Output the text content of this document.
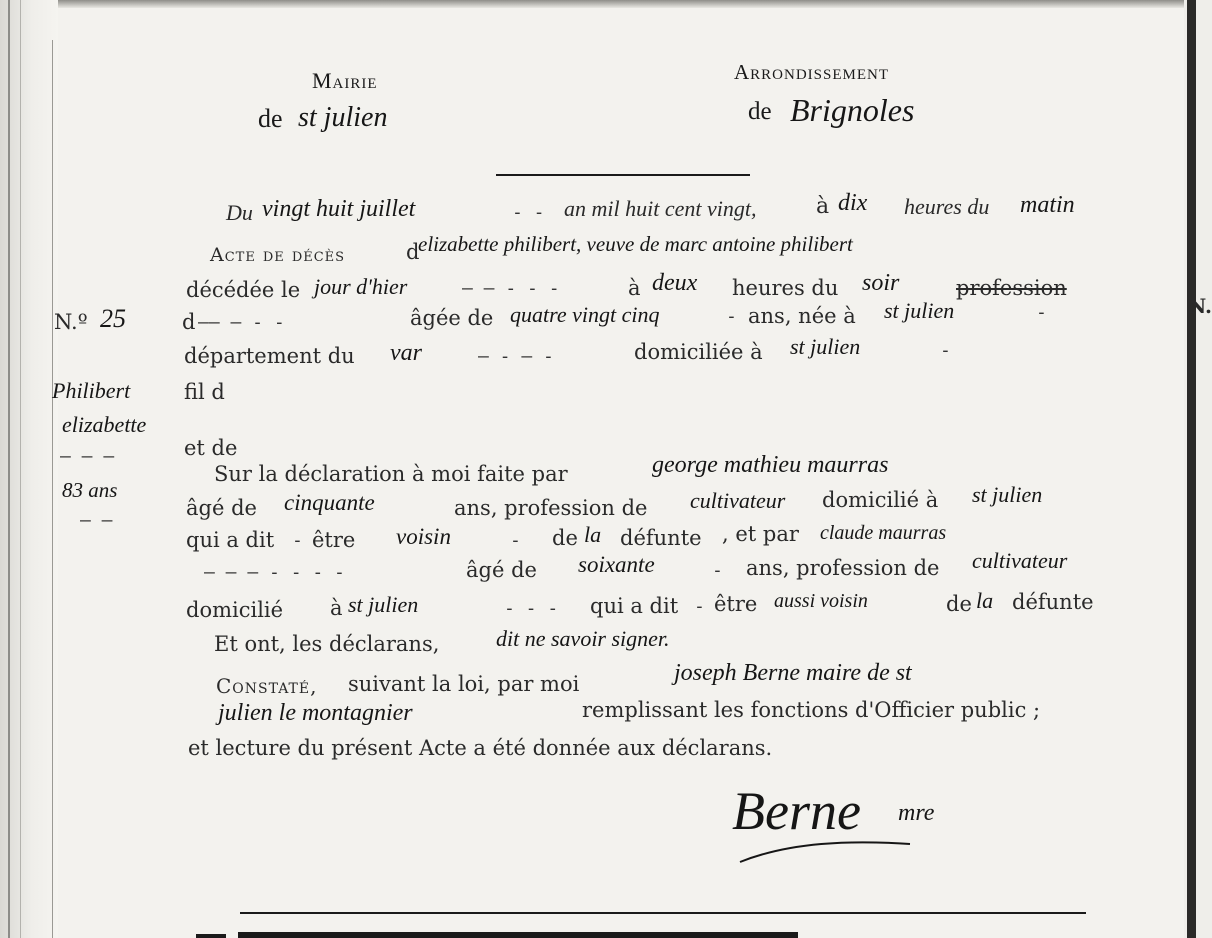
N.
Mairie
de st julien
Arrondissement
de Brignoles
N.º 25
Philibert
elizabette
— — —
83 ans
— —
Du vingt huit juillet	- - an mil huit cent vingt,	à dix heures du matin
Acte de décès	d
elizabette philibert, veuve de marc antoine philibert
décédée le jour d'hier	— — - - -	à deux heures du soir	profession
d —— — - -	âgée de quatre vingt cinq	- ans, née à st julien	-
département du var	— - — -	domiciliée à st julien	-
fil d
et de
Sur la déclaration à moi faite par	george mathieu maurras
âgé de cinquante	ans, profession de cultivateur domicilié à st julien
qui a dit - être voisin	- de la défunte , et par claude maurras
— — — - - - -	âgé de soixante	- ans, profession de cultivateur
domicilié à st julien	- - - qui a dit - être aussi voisin	de la défunte
Et ont, les déclarans,	dit ne savoir signer.
Constaté, suivant la loi, par moi	joseph Berne maire de st
julien le montagnier	remplissant les fonctions d'Officier public ;
et lecture du présent Acte a été donnée aux déclarans.
Berne mre
